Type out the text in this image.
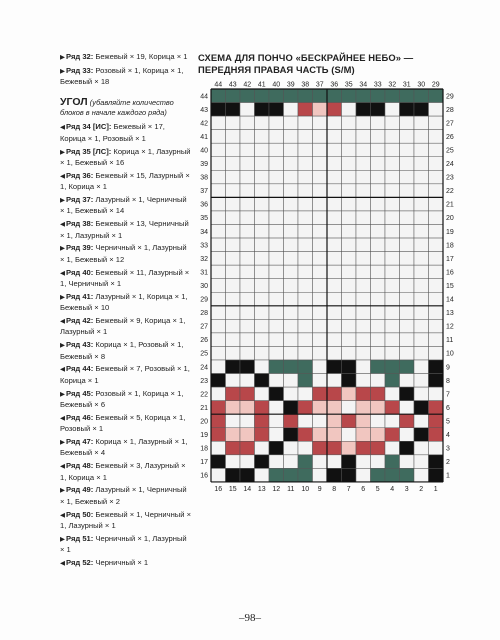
▶Ряд 32 : Бежевый × 19, Корица × 1
▶Ряд 33 : Розовый × 1, Корица × 1, Бежевый × 18
УГОЛ (убавляйте количество блоков в начале каждого ряда)
◀Ряд 34 [ИС] : Бежевый × 17, Корица × 1, Розовый × 1
▶Ряд 35 [ЛС] : Корица × 1, Лазурный × 1, Бежевый × 16
◀Ряд 36 : Бежевый × 15, Лазурный × 1, Корица × 1
▶Ряд 37 : Лазурный × 1, Черничный × 1, Бежевый × 14
◀Ряд 38 : Бежевый × 13, Черничный × 1, Лазурный × 1
▶Ряд 39 : Черничный × 1, Лазурный × 1, Бежевый × 12
◀Ряд 40 : Бежевый × 11, Лазурный × 1, Черничный × 1
▶Ряд 41 : Лазурный × 1, Корица × 1, Бежевый × 10
◀Ряд 42 : Бежевый × 9, Корица × 1, Лазурный × 1
▶Ряд 43 : Корица × 1, Розовый × 1, Бежевый × 8
◀Ряд 44 : Бежевый × 7, Розовый × 1, Корица × 1
▶Ряд 45 : Розовый × 1, Корица × 1, Бежевый × 6
◀Ряд 46 : Бежевый × 5, Корица × 1, Розовый × 1
▶Ряд 47 : Корица × 1, Лазурный × 1, Бежевый × 4
◀Ряд 48 : Бежевый × 3, Лазурный × 1, Корица × 1
▶Ряд 49 : Лазурный × 1, Черничный × 1, Бежевый × 2
◀Ряд 50 : Бежевый × 1, Черничный × 1, Лазурный × 1
▶Ряд 51 : Черничный × 1, Лазурный × 1
◀Ряд 52 : Черничный × 1
СХЕМА ДЛЯ ПОНЧО «БЕСКРАЙНЕЕ НЕБО» — ПЕРЕДНЯЯ ПРАВАЯ ЧАСТЬ (S/M)
44 43 42 41 40 39 38 37 36 35 34 33 32 31 30 29
16 15 14 13 12 11 10 9 8 7 6 5 4 3 2 1
44
43
42
41
40
39
38
37
36
35
34
33
32
31
30
29
28
27
26
25
24
23
22
21
20
19
18
17
16
29
28
27
26
25
24
23
22
21
20
19
18
17
16
15
14
13
12
11
10
9
8
7
6
5
4
3
2
1
–98–
